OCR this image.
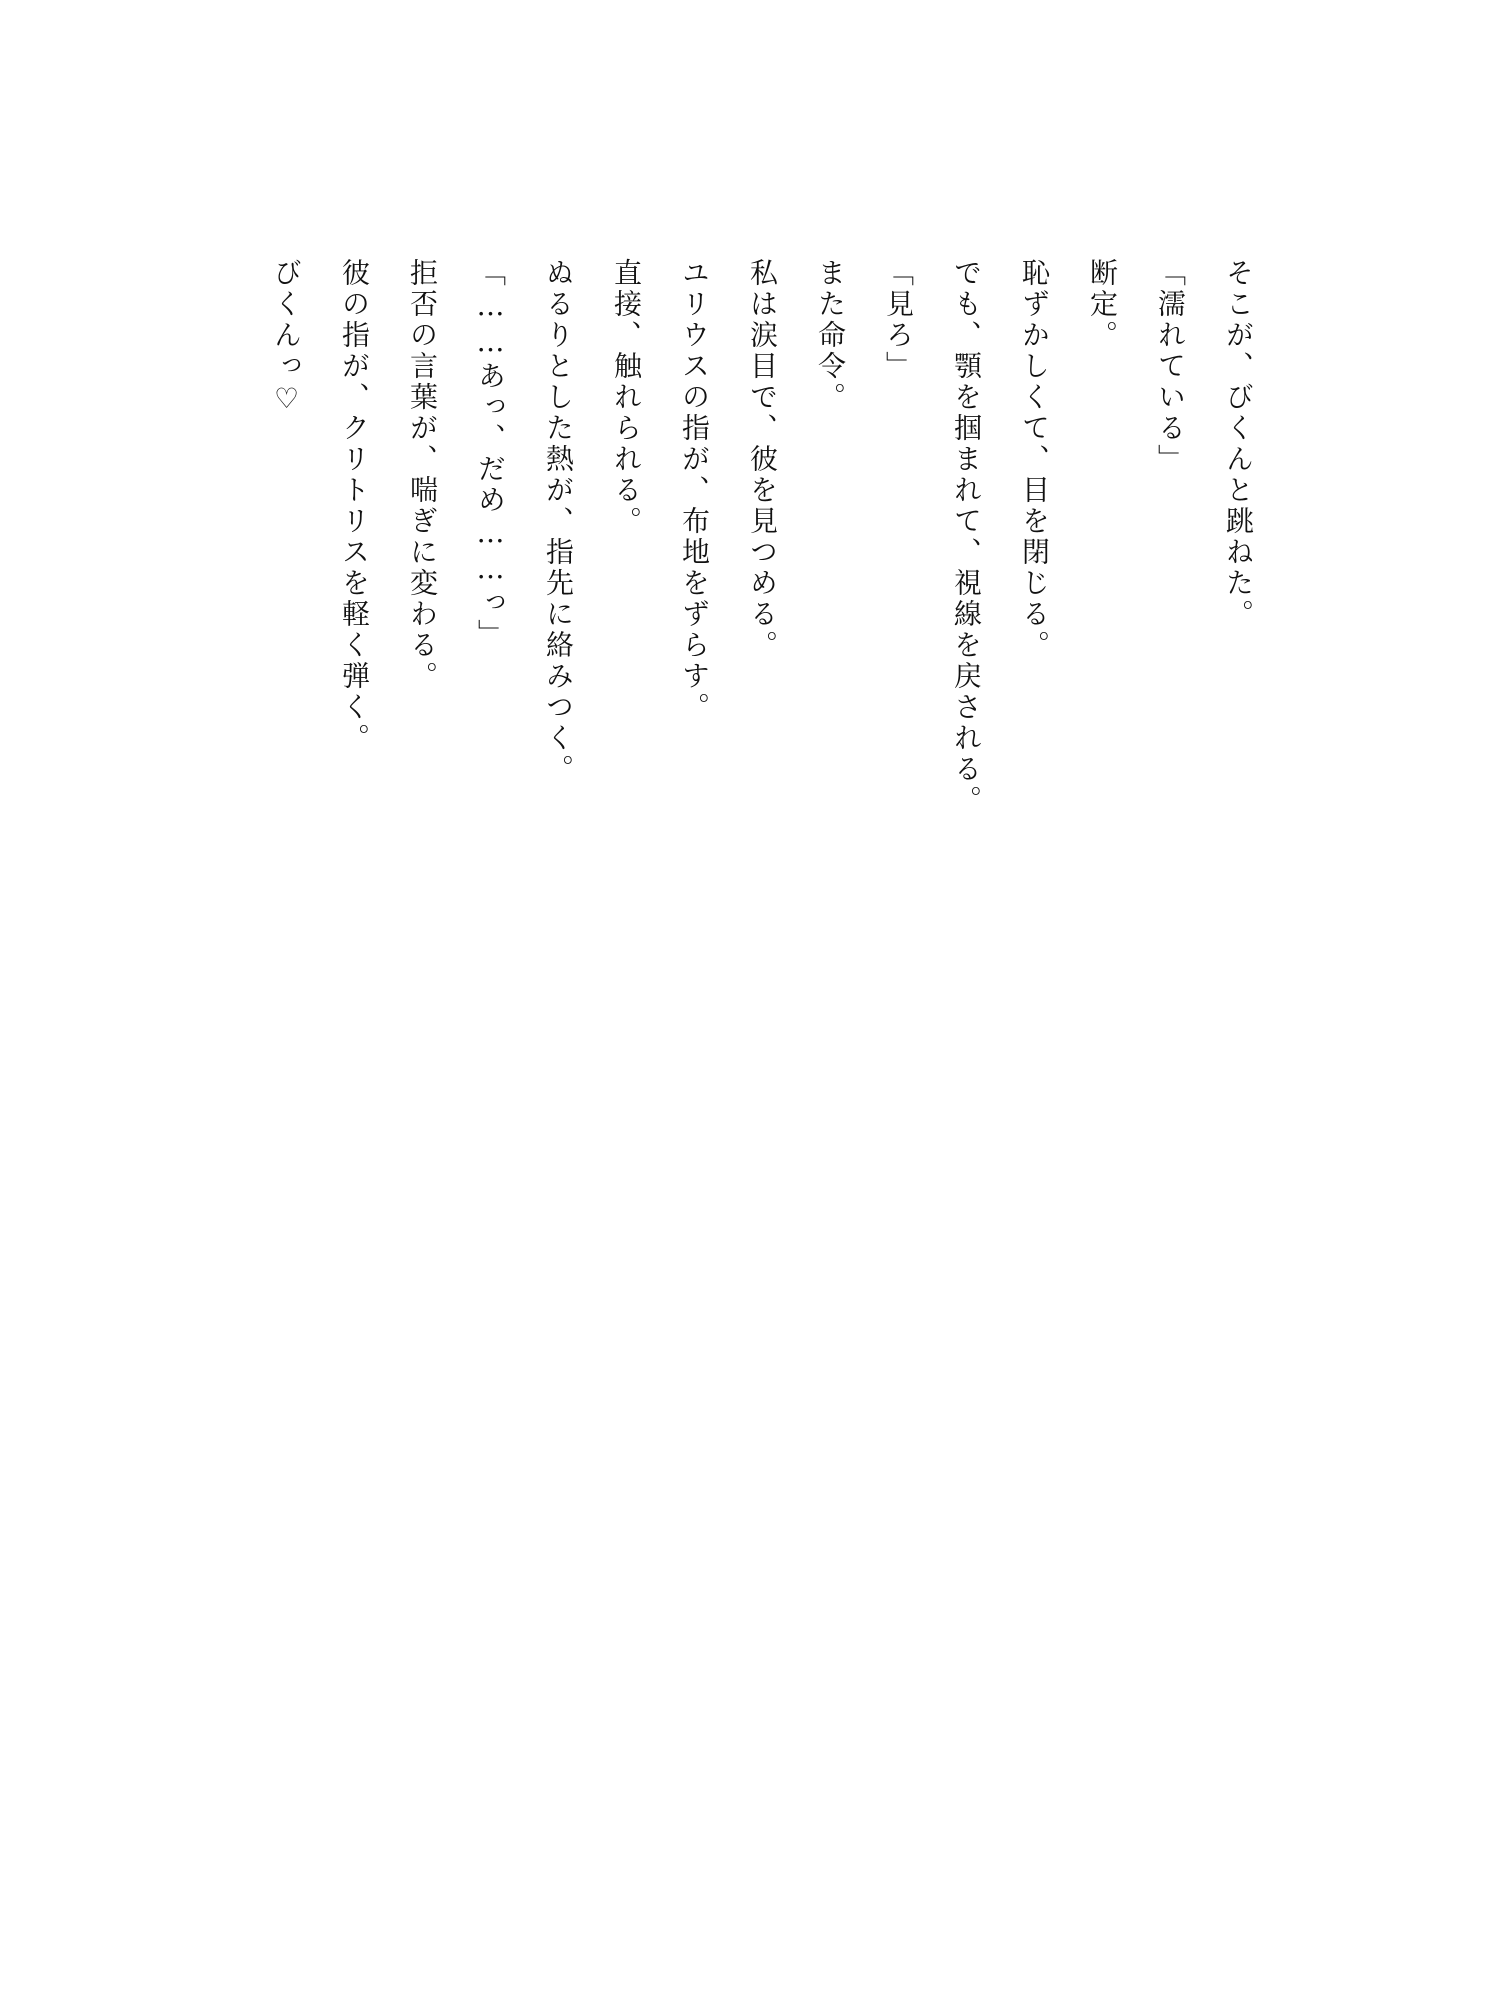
そこが、びくんと跳ねた。
「濡れている」
断定。
恥ずかしくて、目を閉じる。
でも、顎を掴まれて、視線を戻される。
「見ろ」
また命令。
私は涙目で、彼を見つめる。
ユリウスの指が、布地をずらす。
直接、触れられる。
ぬるりとした熱が、指先に絡みつく。
「……あっ、だめ……っ」
拒否の言葉が、喘ぎに変わる。
彼の指が、クリトリスを軽く弾く。
びくんっ♡
